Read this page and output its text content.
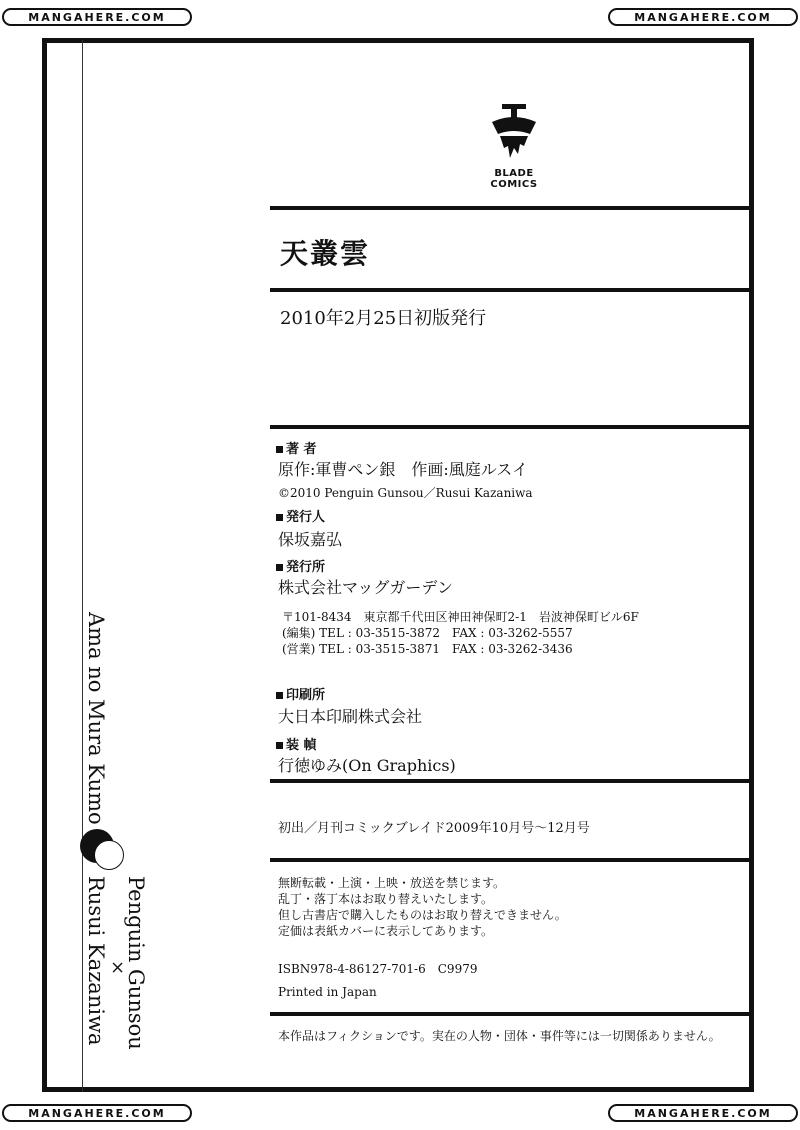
MANGAHERE.COM	MANGAHERE.COM
MANGAHERE.COM	MANGAHERE.COM
BLADE
COMICS
天叢雲
2010年2月25日初版発行
著 者
原作:軍曹ペン銀　作画:風庭ルスイ
©2010 Penguin Gunsou／Rusui Kazaniwa
発行人
保坂嘉弘
発行所
株式会社マッグガーデン
〒101-8434　東京都千代田区神田神保町2-1　岩波神保町ビル6F
(編集) TEL : 03-3515-3872　FAX : 03-3262-5557
(営業) TEL : 03-3515-3871　FAX : 03-3262-3436
印刷所
大日本印刷株式会社
装 幀
行徳ゆみ(On Graphics)
初出／月刊コミックブレイド2009年10月号〜12月号
無断転載・上演・上映・放送を禁じます。
乱丁・落丁本はお取り替えいたします。
但し古書店で購入したものはお取り替えできません。
定価は表紙カバーに表示してあります。
ISBN978-4-86127-701-6　C9979
Printed in Japan
本作品はフィクションです。実在の人物・団体・事件等には一切関係ありません。
Ama no Mura Kumo
Penguin Gunsou
×
Rusui Kazaniwa
